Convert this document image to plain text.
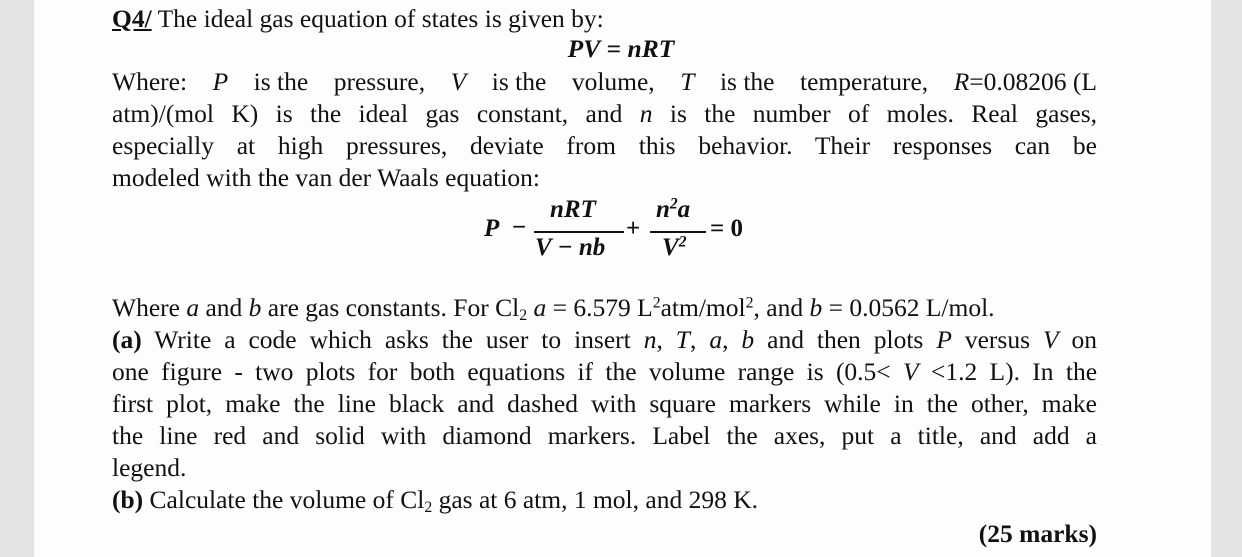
Q4/ The ideal gas equation of states is given by:
PV = nRT
Where: P is the pressure, V is the volume, T is the temperature, R=0.08206 (L
atm)/(mol K) is the ideal gas constant, and n is the number of moles. Real gases,
especially at high pressures, deviate from this behavior. Their responses can be
modeled with the van der Waals equation:
P −
nRT
V − nb
+
$n^2a$
$V^2 = 0$
Where a and b are gas constants. For $Cl_2$ a = 6.579 $L^2atm/mol^2$, and b = 0.0562 L/mol.
(a) Write a code which asks the user to insert n, T, a, b and then plots P versus V on
one figure - two plots for both equations if the volume range is (0.5< V <1.2 L). In the
first plot, make the line black and dashed with square markers while in the other, make
the line red and solid with diamond markers. Label the axes, put a title, and add a
legend.
(b) Calculate the volume of $Cl_2$ gas at 6 atm, 1 mol, and 298 K.
(25 marks)
